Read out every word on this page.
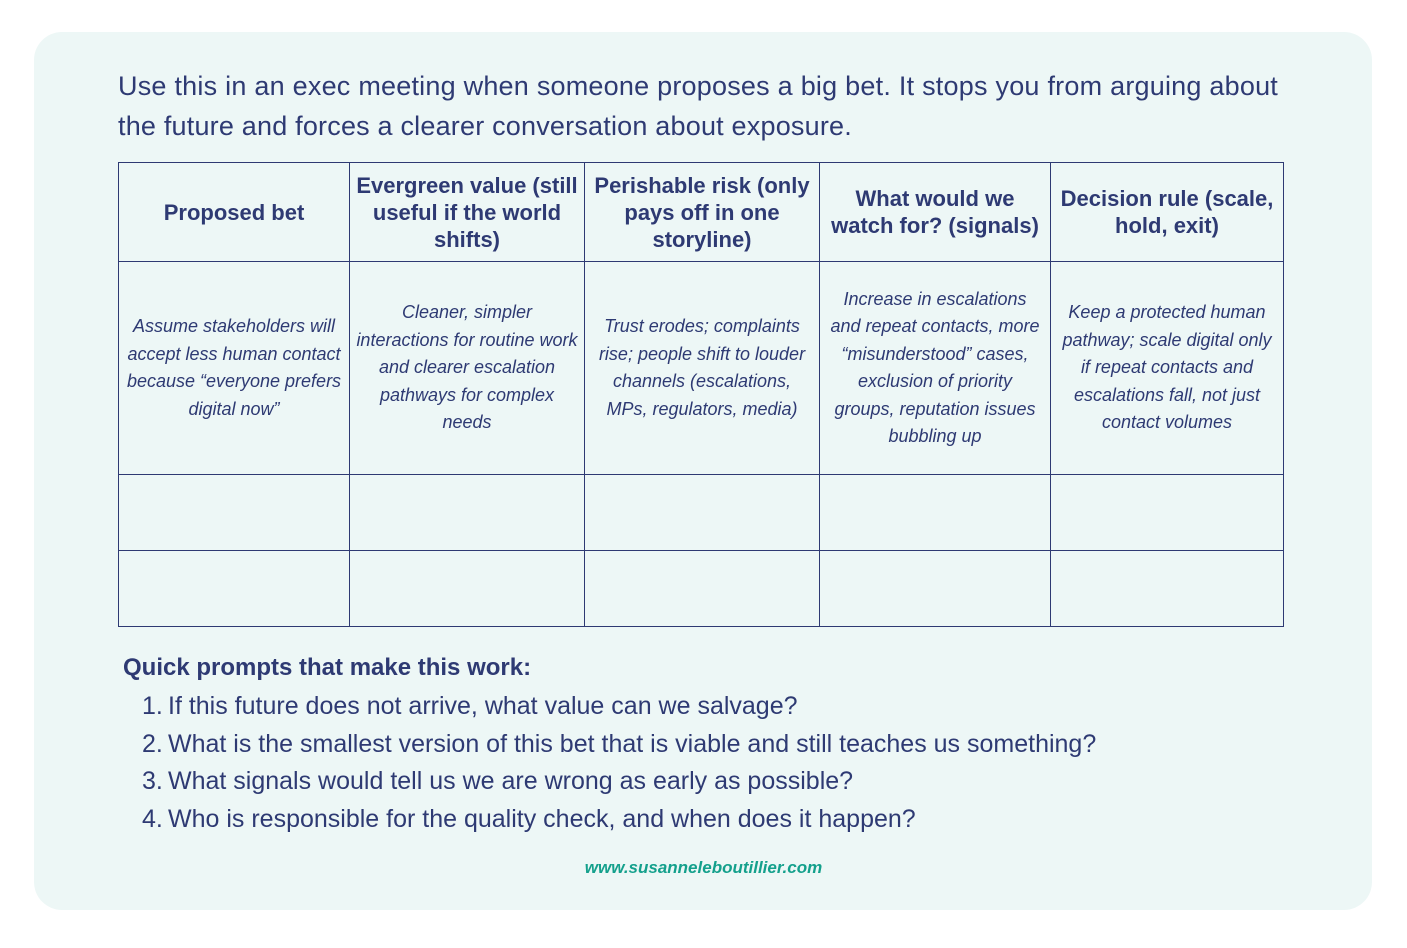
Use this in an exec meeting when someone proposes a big bet. It stops you from arguing about the future and forces a clearer conversation about exposure.

Proposed bet	Evergreen value (still useful if the world shifts)	Perishable risk (only pays off in one storyline)	What would we watch for? (signals)	Decision rule (scale, hold, exit)
Assume stakeholders will accept less human contact because “everyone prefers digital now”	Cleaner, simpler interactions for routine work and clearer escalation pathways for complex needs	Trust erodes; complaints rise; people shift to louder channels (escalations, MPs, regulators, media)	Increase in escalations and repeat contacts, more “misunderstood” cases, exclusion of priority groups, reputation issues bubbling up	Keep a protected human pathway; scale digital only if repeat contacts and escalations fall, not just contact volumes

Quick prompts that make this work:
1. If this future does not arrive, what value can we salvage?
2. What is the smallest version of this bet that is viable and still teaches us something?
3. What signals would tell us we are wrong as early as possible?
4. Who is responsible for the quality check, and when does it happen?
www.susanneleboutillier.com
